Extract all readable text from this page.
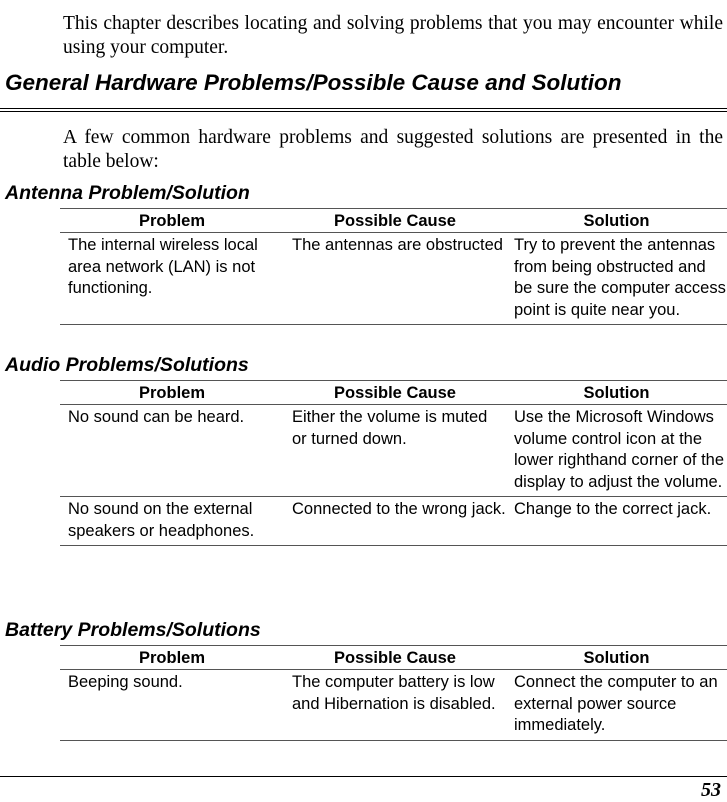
This chapter describes locating and solving problems that you may encounter while using your computer.
General Hardware Problems/Possible Cause and Solution
A few common hardware problems and suggested solutions are presented in the table below:
Antenna Problem/Solution
Problem	Possible Cause	Solution
The internal wireless local area network (LAN) is not functioning.	The antennas are obstructed	Try to prevent the antennas from being obstructed and be sure the computer access point is quite near you.
Audio Problems/Solutions
Problem	Possible Cause	Solution
No sound can be heard.	Either the volume is muted or turned down.	Use the Microsoft Windows volume control icon at the lower righthand corner of the display to adjust the volume.
No sound on the external speakers or headphones.	Connected to the wrong jack.	Change to the correct jack.
Battery Problems/Solutions
Problem	Possible Cause	Solution
Beeping sound.	The computer battery is low and Hibernation is disabled.	Connect the computer to an external power source immediately.
53
